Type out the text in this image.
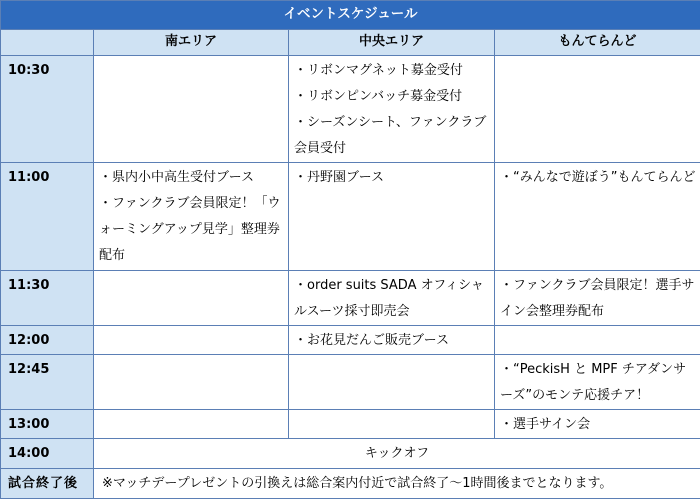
イベントスケジュール			
	南エリア	中央エリア	もんてらんど
10:30		・リボンマグネット募金受付
・リボンピンバッチ募金受付
・シーズンシート、ファンクラブ会員受付	

11:00	・県内小中高生受付ブース
・ファンクラブ会員限定！「ウォーミングアップ見学」整理券配布	・丹野園ブース	・“みんなで遊ぼう”もんてらんど

11:30		・order suits SADA オフィシャルスーツ採寸即売会	・ファンクラブ会員限定！選手サイン会整理券配布

12:00		・お花見だんご販売ブース	

12:45			・“PeckisH と MPF チアダンサーズ”のモンテ応援チア！

13:00			・選手サイン会

14:00	キックオフ		
試合終了後	※マッチデープレゼントの引換えは総合案内付近で試合終了～1時間後までとなります。		
